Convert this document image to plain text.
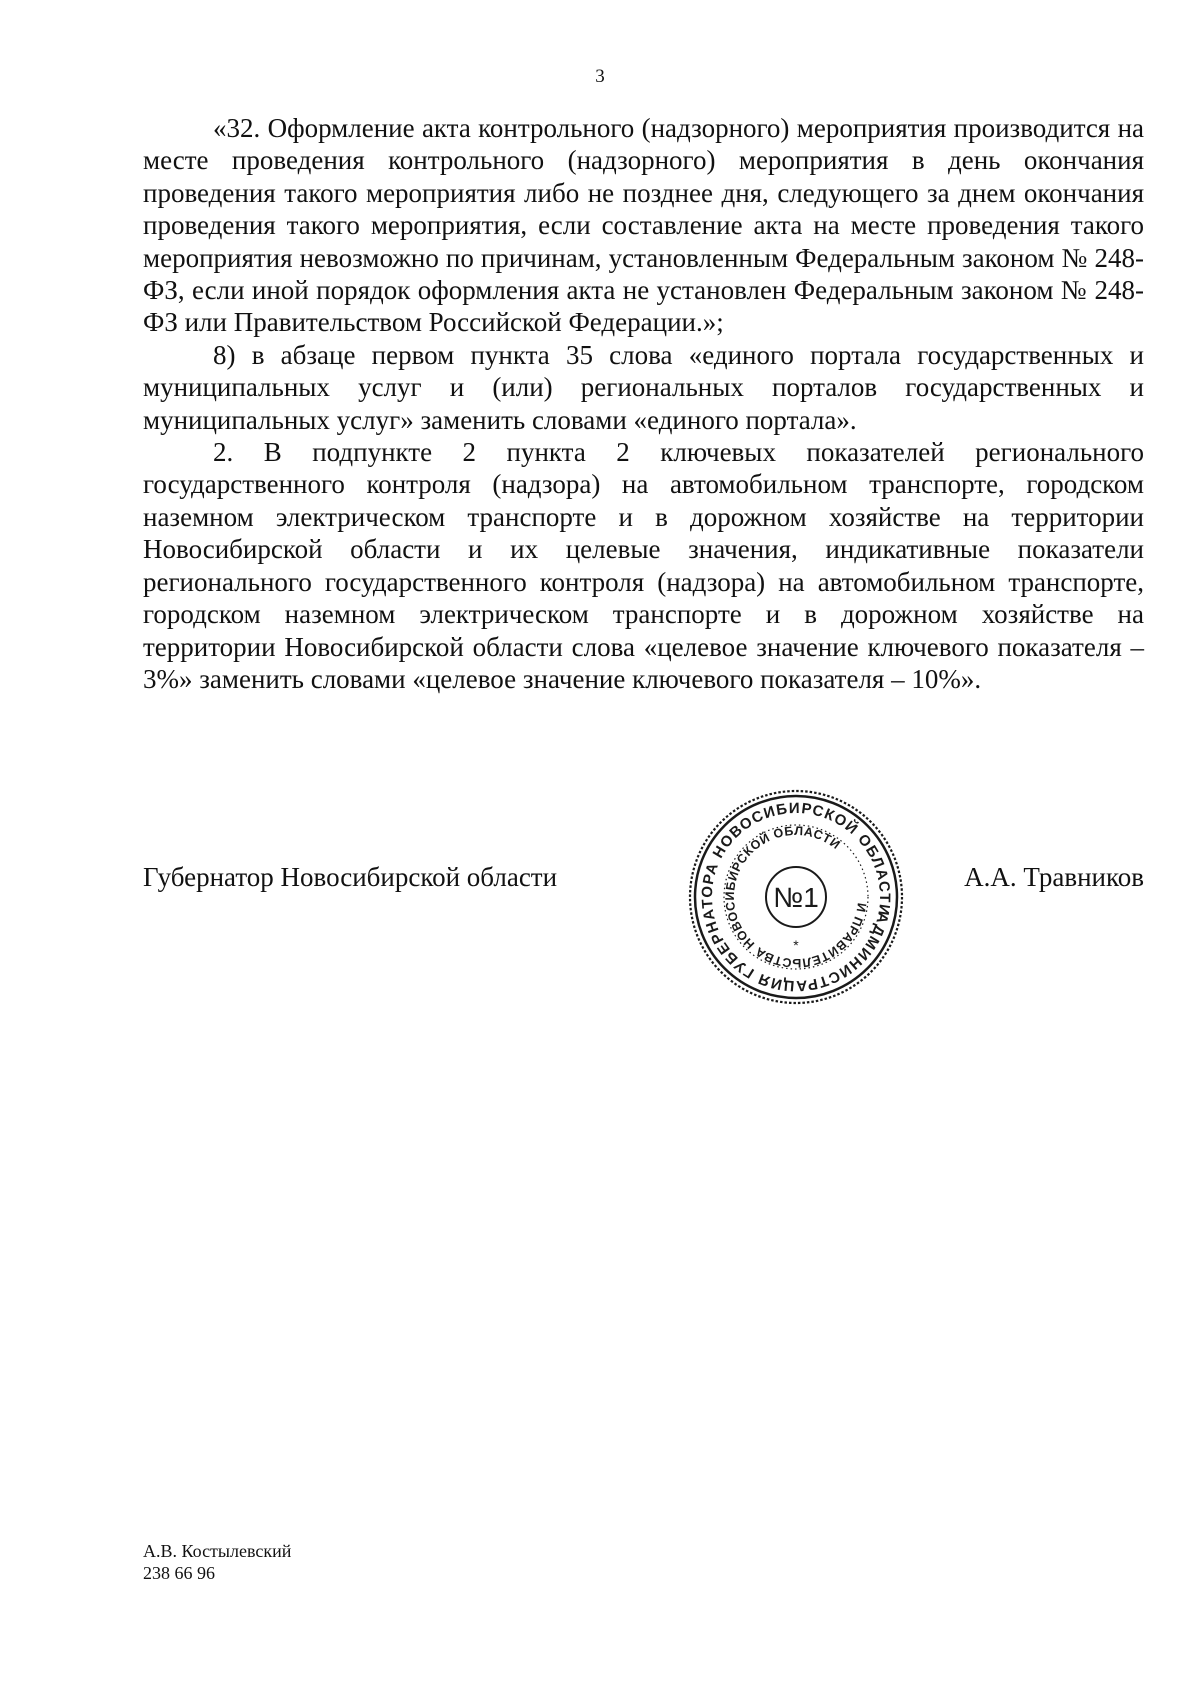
3

«32. Оформление акта контрольного (надзорного) мероприятия производится на месте проведения контрольного (надзорного) мероприятия в день окончания проведения такого мероприятия либо не позднее дня, следующего за днем окончания проведения такого мероприятия, если составление акта на месте проведения такого мероприятия невозможно по причинам, установленным Федеральным законом № 248-ФЗ, если иной порядок оформления акта не установлен Федеральным законом № 248-ФЗ или Правительством Российской Федерации.»;

8) в абзаце первом пункта 35 слова «единого портала государственных и муниципальных услуг и (или) региональных порталов государственных и муниципальных услуг» заменить словами «единого портала».

2. В подпункте 2 пункта 2 ключевых показателей регионального государственного контроля (надзора) на автомобильном транспорте, городском наземном электрическом транспорте и в дорожном хозяйстве на территории Новосибирской области и их целевые значения, индикативные показатели регионального государственного контроля (надзора) на автомобильном транспорте, городском наземном электрическом транспорте и в дорожном хозяйстве на территории Новосибирской области слова «целевое значение ключевого показателя – 3%» заменить словами «целевое значение ключевого показателя – 10%».

Губернатор Новосибирской области	А.А. Травников
АДМИНИСТРАЦИЯ ГУБЕРНАТОРА НОВОСИБИРСКОЙ ОБЛАСТИ
И ПРАВИТЕЛЬСТВА НОВОСИБИРСКОЙ ОБЛАСТИ
№1
*
А.В. Костылевский
238 66 96
